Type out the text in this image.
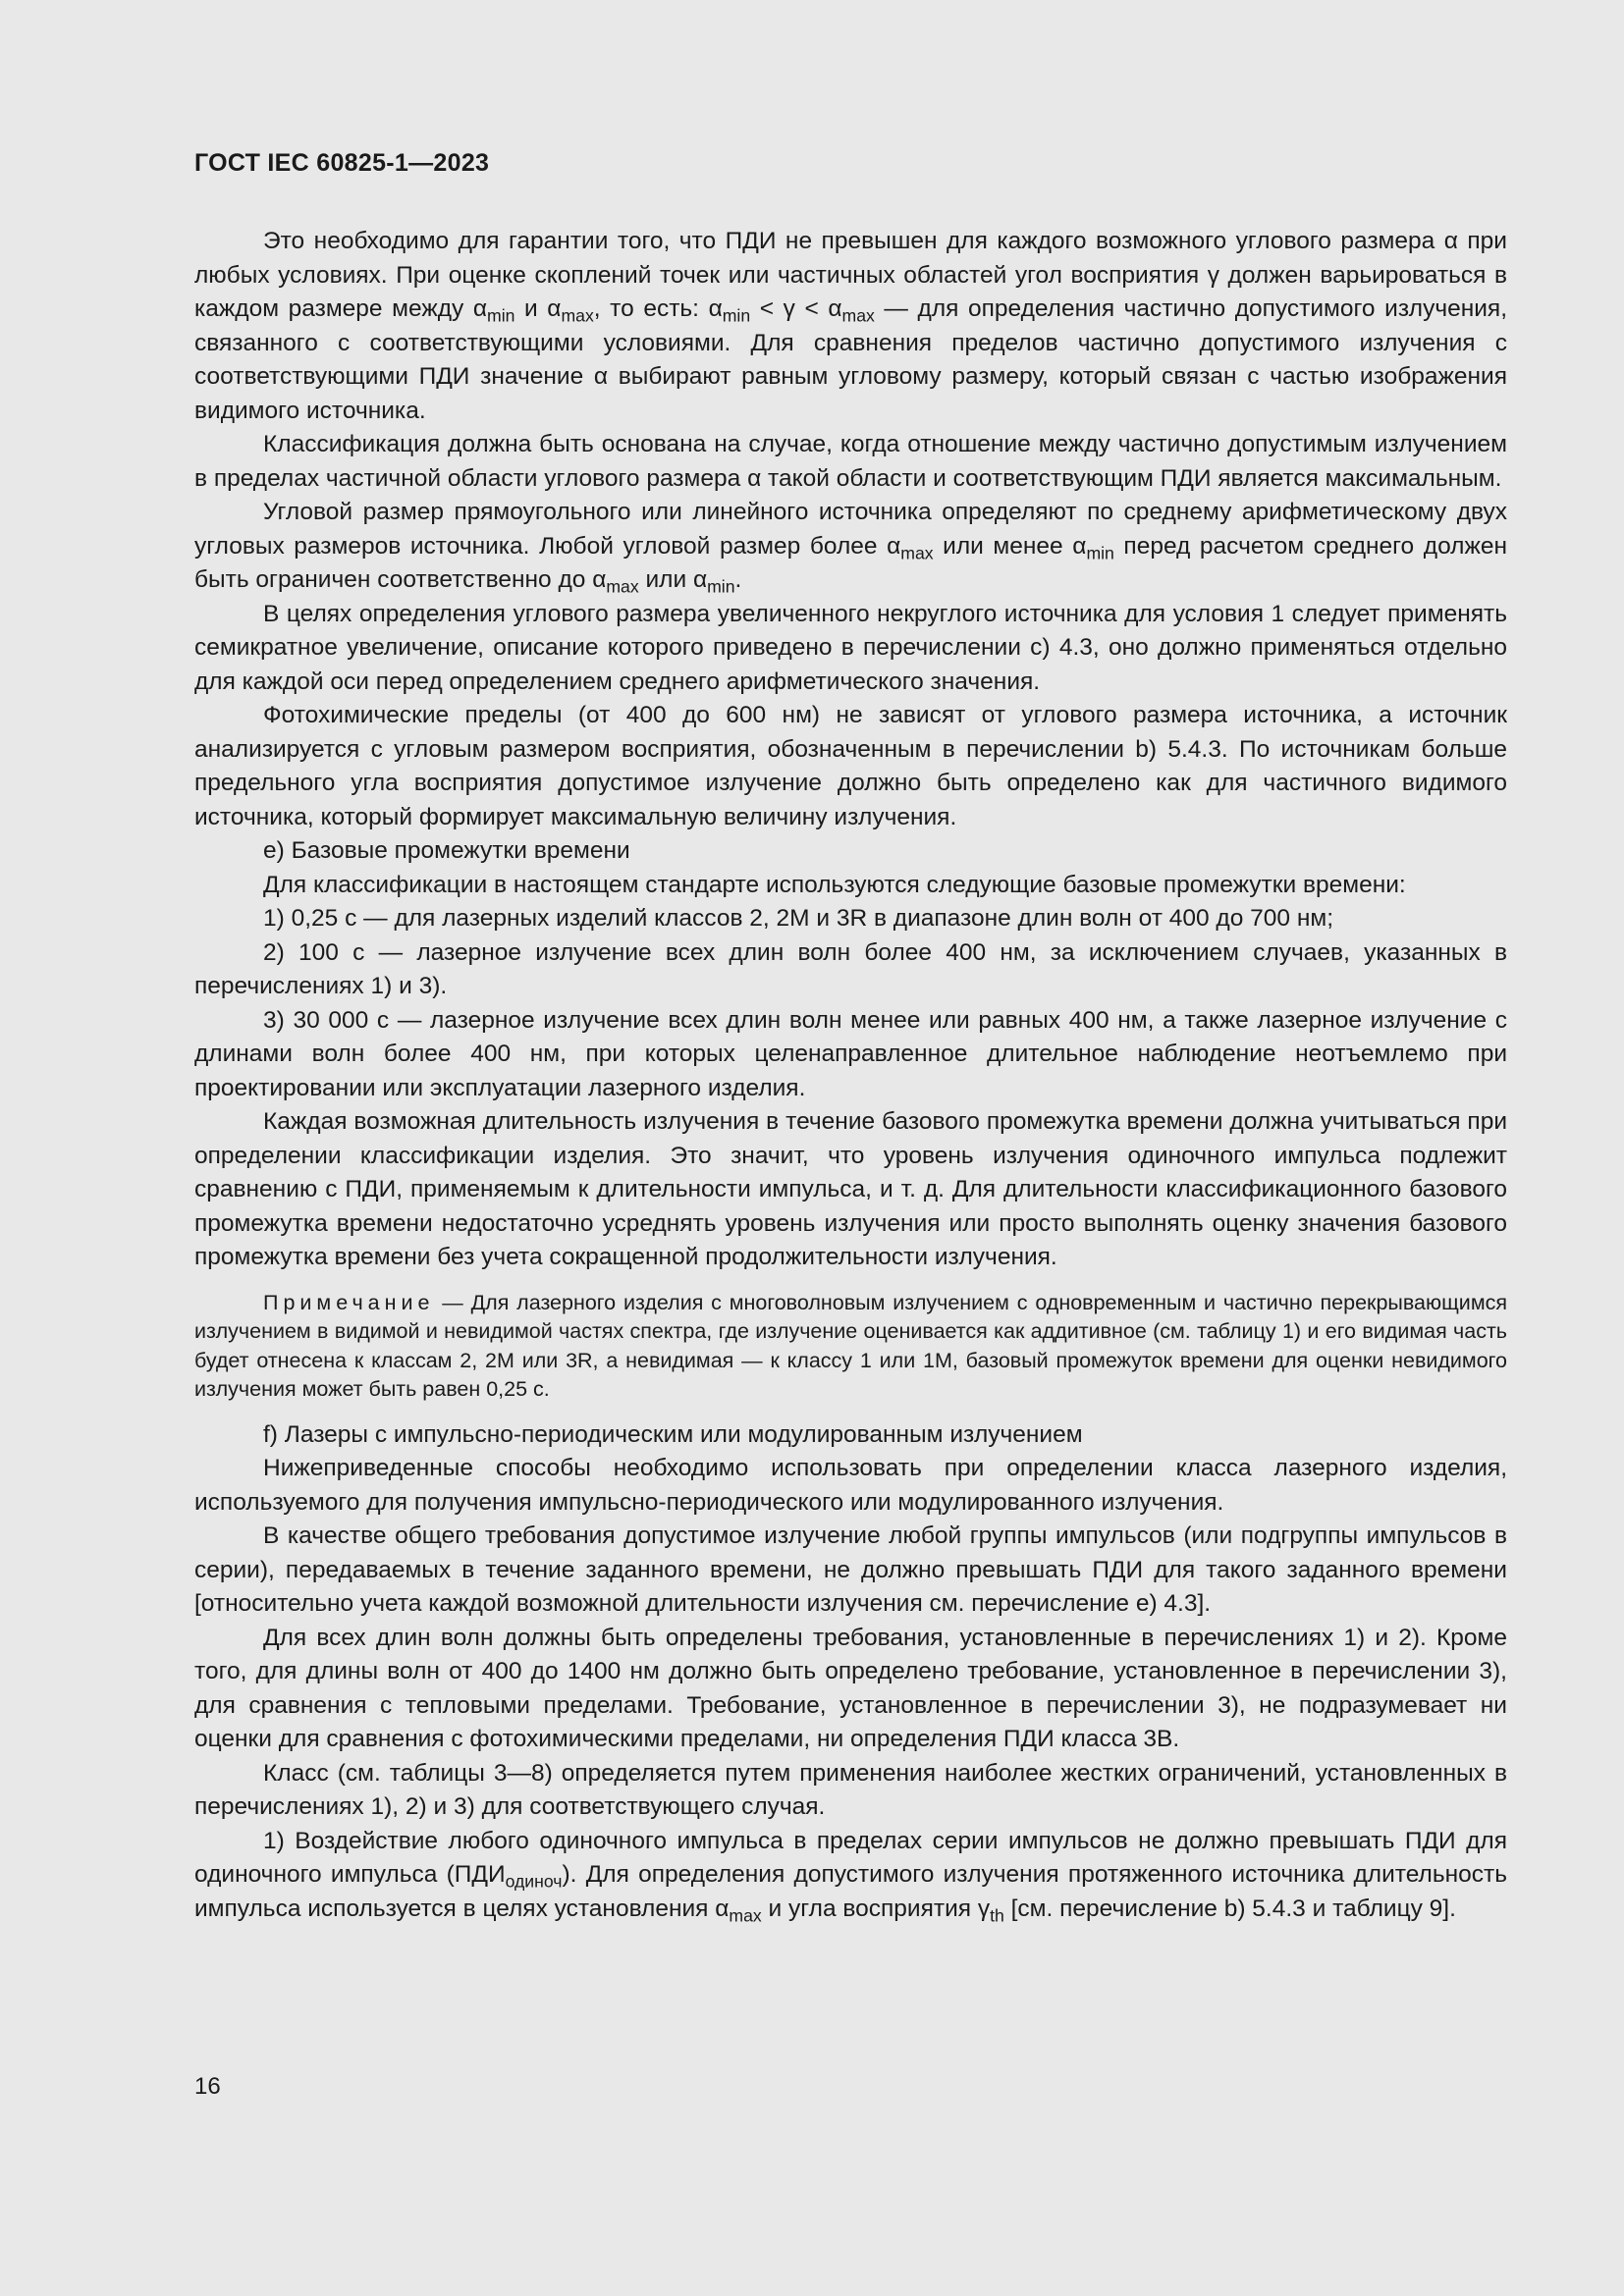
ГОСТ IEC 60825-1—2023

Это необходимо для гарантии того, что ПДИ не превышен для каждого возможного углового размера α при любых условиях. При оценке скоплений точек или частичных областей угол восприятия γ должен варьироваться в каждом размере между $\alpha_{min}$ и $\alpha_{max}$, то есть: $\alpha_{min} < \gamma < \alpha_{max}$ — для определения частично допустимого излучения, связанного с соответствующими условиями. Для сравнения пределов частично допустимого излучения с соответствующими ПДИ значение α выбирают равным угловому размеру, который связан с частью изображения видимого источника.

Классификация должна быть основана на случае, когда отношение между частично допустимым излучением в пределах частичной области углового размера α такой области и соответствующим ПДИ является максимальным.

Угловой размер прямоугольного или линейного источника определяют по среднему арифметическому двух угловых размеров источника. Любой угловой размер более $\alpha_{max}$ или менее $\alpha_{min}$ перед расчетом среднего должен быть ограничен соответственно до $\alpha_{max}$ или $\alpha_{min}$.

В целях определения углового размера увеличенного некруглого источника для условия 1 следует применять семикратное увеличение, описание которого приведено в перечислении с) 4.3, оно должно применяться отдельно для каждой оси перед определением среднего арифметического значения.

Фотохимические пределы (от 400 до 600 нм) не зависят от углового размера источника, а источник анализируется с угловым размером восприятия, обозначенным в перечислении b) 5.4.3. По источникам больше предельного угла восприятия допустимое излучение должно быть определено как для частичного видимого источника, который формирует максимальную величину излучения.

е) Базовые промежутки времени

Для классификации в настоящем стандарте используются следующие базовые промежутки времени:

1) 0,25 с — для лазерных изделий классов 2, 2М и 3R в диапазоне длин волн от 400 до 700 нм;

2) 100 с — лазерное излучение всех длин волн более 400 нм, за исключением случаев, указанных в перечислениях 1) и 3).

3) 30 000 с — лазерное излучение всех длин волн менее или равных 400 нм, а также лазерное излучение с длинами волн более 400 нм, при которых целенаправленное длительное наблюдение неотъемлемо при проектировании или эксплуатации лазерного изделия.

Каждая возможная длительность излучения в течение базового промежутка времени должна учитываться при определении классификации изделия. Это значит, что уровень излучения одиночного импульса подлежит сравнению с ПДИ, применяемым к длительности импульса, и т. д. Для длительности классификационного базового промежутка времени недостаточно усреднять уровень излучения или просто выполнять оценку значения базового промежутка времени без учета сокращенной продолжительности излучения.

Примечание — Для лазерного изделия с многоволновым излучением с одновременным и частично перекрывающимся излучением в видимой и невидимой частях спектра, где излучение оценивается как аддитивное (см. таблицу 1) и его видимая часть будет отнесена к классам 2, 2М или 3R, а невидимая — к классу 1 или 1М, базовый промежуток времени для оценки невидимого излучения может быть равен 0,25 с.

f) Лазеры с импульсно-периодическим или модулированным излучением

Нижеприведенные способы необходимо использовать при определении класса лазерного изделия, используемого для получения импульсно-периодического или модулированного излучения.

В качестве общего требования допустимое излучение любой группы импульсов (или подгруппы импульсов в серии), передаваемых в течение заданного времени, не должно превышать ПДИ для такого заданного времени [относительно учета каждой возможной длительности излучения см. перечисление е) 4.3].

Для всех длин волн должны быть определены требования, установленные в перечислениях 1) и 2). Кроме того, для длины волн от 400 до 1400 нм должно быть определено требование, установленное в перечислении 3), для сравнения с тепловыми пределами. Требование, установленное в перечислении 3), не подразумевает ни оценки для сравнения с фотохимическими пределами, ни определения ПДИ класса 3В.

Класс (см. таблицы 3—8) определяется путем применения наиболее жестких ограничений, установленных в перечислениях 1), 2) и 3) для соответствующего случая.

1) Воздействие любого одиночного импульса в пределах серии импульсов не должно превышать ПДИ для одиночного импульса $(ПДИ_{одиноч})$. Для определения допустимого излучения протяженного источника длительность импульса используется в целях установления $\alpha_{max}$ и угла восприятия $\gamma_{th}$ [см. перечисление b) 5.4.3 и таблицу 9].

16
